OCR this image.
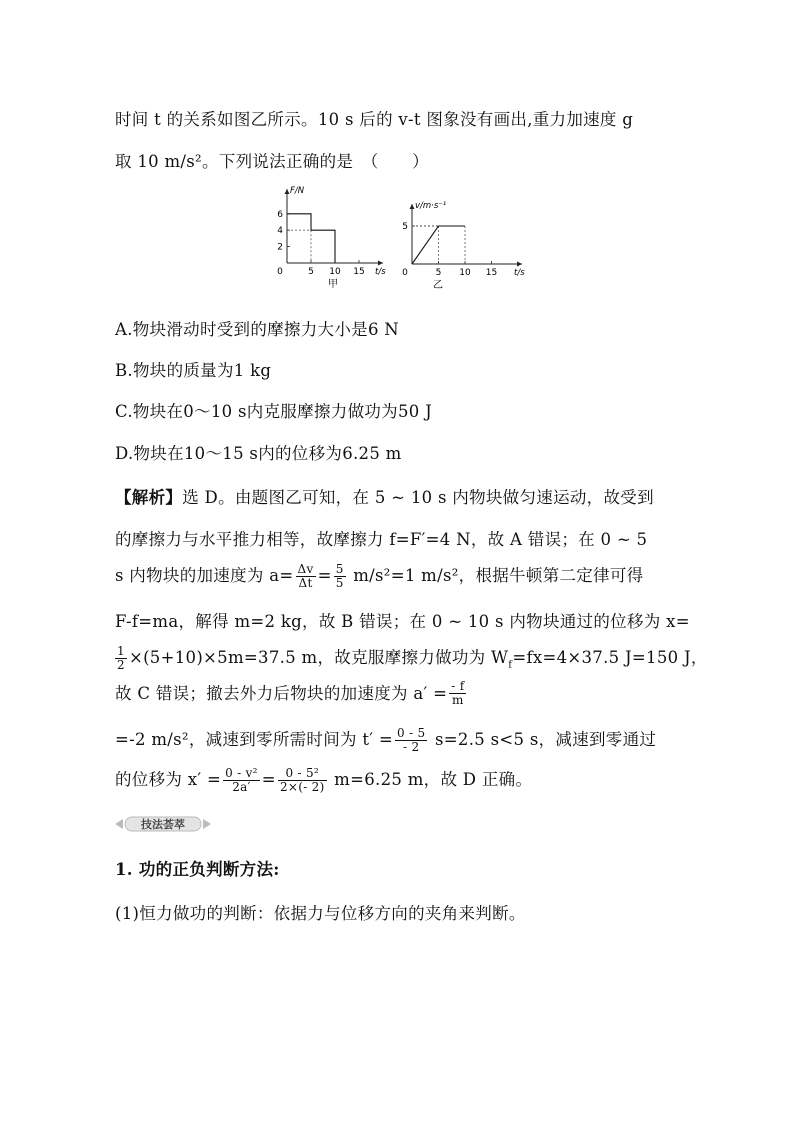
时间 t 的关系如图乙所示。10 s 后的 v-t 图象没有画出,重力加速度 g
取 10 m/s²。下列说法正确的是　（　　）
5 10 15
6
4
2
0
F/N
t/s
甲
5 10 15
5
0
v/m·s⁻¹
t/s
乙
A.物块滑动时受到的摩擦力大小是6 N
B.物块的质量为1 kg
C.物块在0～10 s内克服摩擦力做功为50 J
D.物块在10～15 s内的位移为6.25 m
【解析】选 D。由题图乙可知，在 5 ~ 10 s 内物块做匀速运动，故受到
的摩擦力与水平推力相等，故摩擦力 f=F′=4 N，故 A 错误；在 0 ~ 5
s 内物块的加速度为 $a= \frac{\Delta v}{\Delta t} = \frac{5}{5} m/s^2=1$ m/s²，根据牛顿第二定律可得
F-f=ma，解得 m=2 kg，故 B 错误；在 0 ~ 10 s 内物块通过的位移为 x=
$\frac{1}{2} \times(5+10)\times 5m=37.5$ m，故克服摩擦力做功为 $W_f=fx=4\times 37.5$ J=150 J，
故 C 错误；撤去外力后物块的加速度为 $a' = \frac{- f}{m}$
=-2 m/s²，减速到零所需时间为 $t' = \frac{0 - 5}{- 2} s=2.5$ s<5 s，减速到零通过
的位移为 $x' = \frac{\text{0 - v²}}{2a'} = \frac{\text{0 - 5²}}{2\times(- 2)} m=6.25$ m，故 D 正确。
技法荟萃
1. 功的正负判断方法:
(1)恒力做功的判断：依据力与位移方向的夹角来判断。
